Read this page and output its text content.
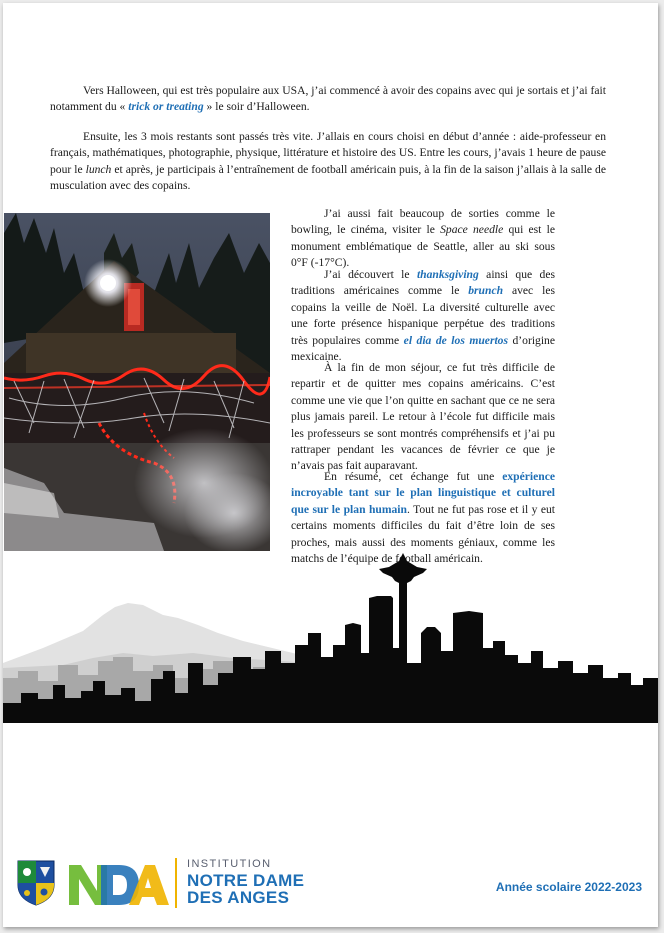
Vers Halloween, qui est très populaire aux USA, j’ai commencé à avoir des copains avec qui je sortais et j’ai fait notamment du « trick or treating » le soir d’Halloween.

Ensuite, les 3 mois restants sont passés très vite. J’allais en cours choisi en début d’année : aide-professeur en français, mathématiques, photographie, physique, littérature et histoire des US. Entre les cours, j’avais 1 heure de pause pour le lunch et après, je participais à l’entraînement de football américain puis, à la fin de la saison j’allais à la salle de musculation avec des copains.

J’ai aussi fait beaucoup de sorties comme le bowling, le cinéma, visiter le Space needle qui est le monument emblématique de Seattle, aller au ski sous 0°F (-17°C).

J’ai découvert le thanksgiving ainsi que des traditions américaines comme le brunch avec les copains la veille de Noël. La diversité culturelle avec une forte présence hispanique perpétue des traditions très populaires comme el dia de los muertos d’origine mexicaine.

À la fin de mon séjour, ce fut très difficile de repartir et de quitter mes copains américains. C’est comme une vie que l’on quitte en sachant que ce ne sera plus jamais pareil. Le retour à l’école fut difficile mais les professeurs se sont montrés compréhensifs et j’ai pu rattraper pendant les vacances de février ce que je n’avais pas fait auparavant.

En résumé, cet échange fut une expérience incroyable tant sur le plan linguistique et culturel que sur le plan humain. Tout ne fut pas rose et il y eut certains moments difficiles du fait d’être loin de ses proches, mais aussi des moments géniaux, comme les matchs de l’équipe de football américain.

INSTITUTION
NOTRE DAME
DES ANGES
Année scolaire 2022-2023
